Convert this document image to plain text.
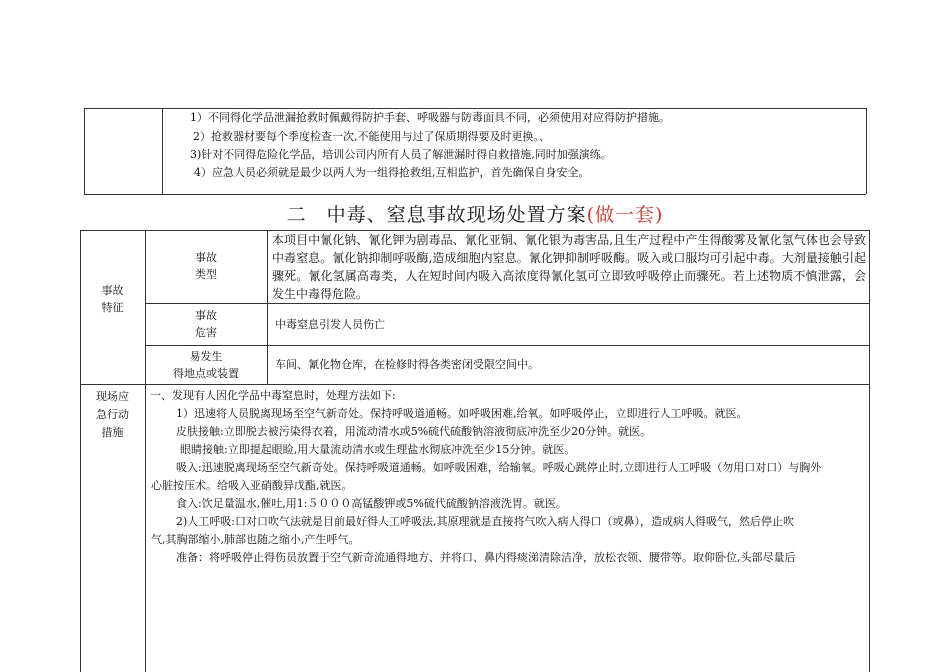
1）不同得化学品泄漏抢救时佩戴得防护手套、呼吸器与防毒面具不同，必须使用对应得防护措施。
2）抢救器材要每个季度检查一次,不能使用与过了保质期得要及时更换。、
3)针对不同得危险化学品，培训公司内所有人员了解泄漏时得自救措施,同时加强演练。
4）应急人员必须就是最少以两人为一组得抢救组,互相监护，首先确保自身安全。
二　中毒、窒息事故现场处置方案(做一套)
事故
特征
事故
类型
本项目中氰化钠、氰化钾为剧毒品、氰化亚铜、氰化银为毒害品,且生产过程中产生得酸雾及氰化氢气体也会导致中毒窒息。氰化钠抑制呼吸酶,造成细胞内窒息。氰化钾抑制呼吸酶。吸入或口服均可引起中毒。大剂量接触引起骤死。氰化氢属高毒类，人在短时间内吸入高浓度得氰化氢可立即致呼吸停止而骤死。若上述物质不慎泄露，会发生中毒得危险。
事故
危害
中毒窒息引发人员伤亡
易发生
得地点或装置
车间、氰化物仓库，在检修时得各类密闭受限空间中。
现场应
急行动
措施
一、发现有人因化学品中毒窒息时，处理方法如下:
1）迅速将人员脱离现场至空气新奇处。保持呼吸道通畅。如呼吸困难,给氧。如呼吸停止，立即进行人工呼吸。就医。
皮肤接触:立即脱去被污染得衣着，用流动清水或5%硫代硫酸钠溶液彻底冲洗至少20分钟。就医。
眼睛接触:立即提起眼睑,用大量流动清水或生理盐水彻底冲洗至少15分钟。就医。
吸入:迅速脱离现场至空气新奇处。保持呼吸道通畅。如呼吸困难，给输氧。呼吸心跳停止时,立即进行人工呼吸（勿用口对口）与胸外
心脏按压术。给吸入亚硝酸异戊酯,就医。
食入:饮足量温水,催吐,用1:５０００高锰酸钾或5%硫代硫酸钠溶液洗胃。就医。
2)人工呼吸:口对口吹气法就是目前最好得人工呼吸法,其原理就是直接将气吹入病人得口（或鼻），造成病人得吸气，然后停止吹
气,其胸部缩小,肺部也随之缩小,产生呼气。
准备：将呼吸停止得伤员放置于空气新奇流通得地方、并将口、鼻内得痰涕清除洁净，放松衣领、腰带等。取仰卧位,头部尽量后
